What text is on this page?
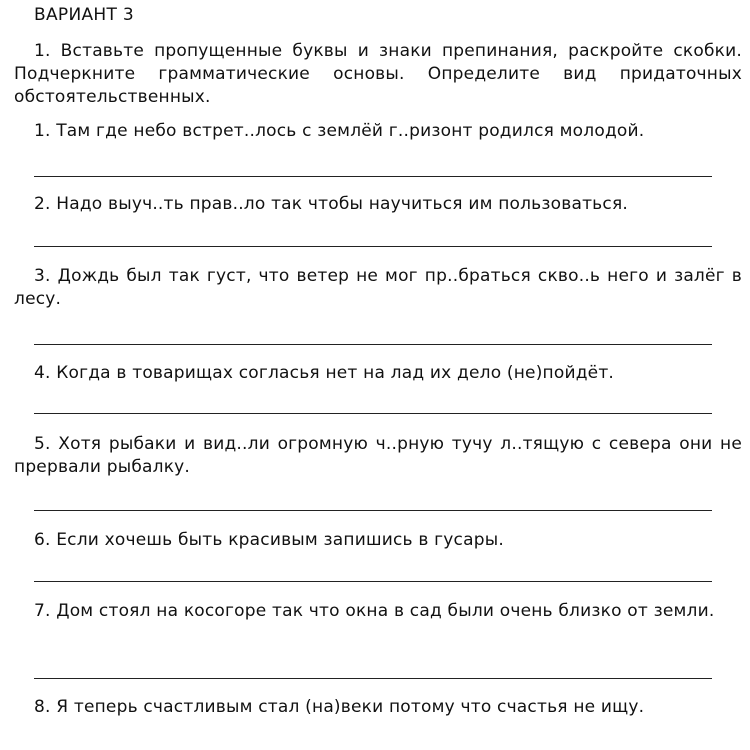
ВАРИАНТ 3
1. Вставьте пропущенные буквы и знаки препинания, раскройте скобки. Подчеркните грамматические основы. Определите вид придаточных обстоятельственных.
1. Там где небо встрет..лось с землёй г..ризонт родился молодой.
2. Надо выуч..ть прав..ло так чтобы научиться им пользоваться.
3. Дождь был так густ, что ветер не мог пр..браться скво..ь него и залёг в лесу.
4. Когда в товарищах согласья нет на лад их дело (не)пойдёт.
5. Хотя рыбаки и вид..ли огромную ч..рную тучу л..тящую с севера они не прервали рыбалку.
6. Если хочешь быть красивым запишись в гусары.
7. Дом стоял на косогоре так что окна в сад были очень близко от земли.
8. Я теперь счастливым стал (на)веки потому что счастья не ищу.
